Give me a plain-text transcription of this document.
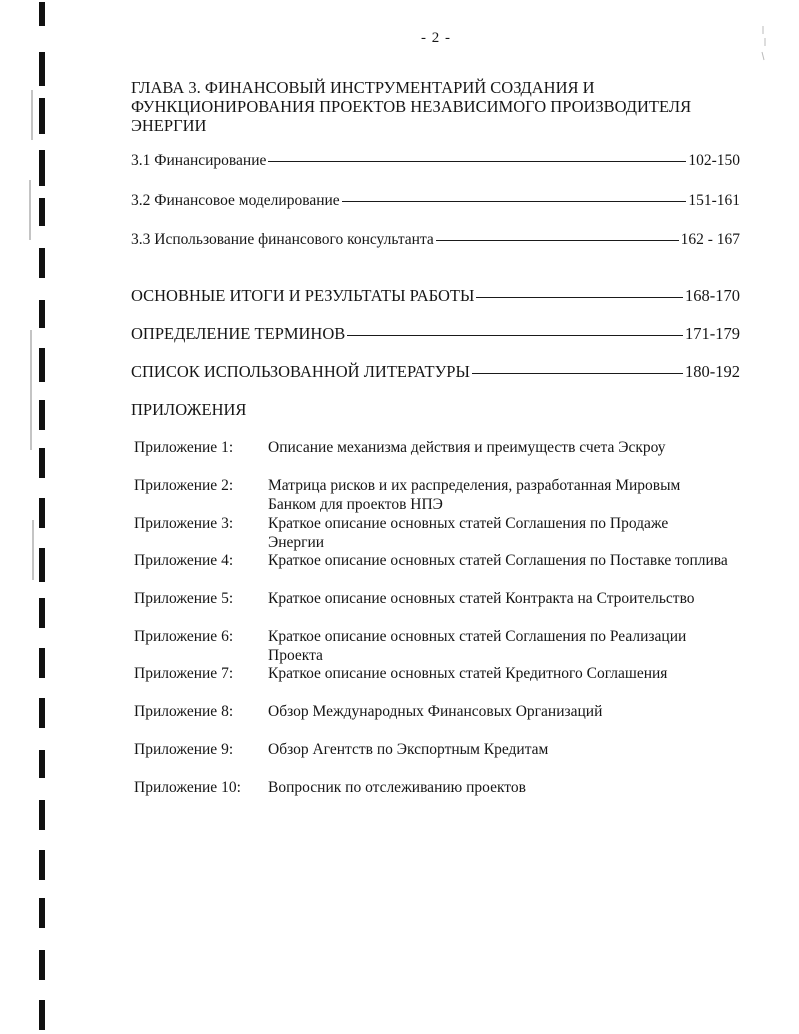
- 2 -
ГЛАВА 3. ФИНАНСОВЫЙ ИНСТРУМЕНТАРИЙ СОЗДАНИЯ И ФУНКЦИОНИРОВАНИЯ ПРОЕКТОВ НЕЗАВИСИМОГО ПРОИЗВОДИТЕЛЯ ЭНЕРГИИ
3.1 Финансирование	102-150
3.2 Финансовое моделирование	151-161
3.3 Использование финансового консультанта	162 - 167
ОСНОВНЫЕ ИТОГИ И РЕЗУЛЬТАТЫ РАБОТЫ	168-170
ОПРЕДЕЛЕНИЕ ТЕРМИНОВ	171-179
СПИСОК ИСПОЛЬЗОВАННОЙ ЛИТЕРАТУРЫ	180-192
ПРИЛОЖЕНИЯ
Приложение 1: Описание механизма действия и преимуществ счета Эскроу
Приложение 2: Матрица рисков и их распределения, разработанная Мировым Банком для проектов НПЭ
Приложение 3: Краткое описание основных статей Соглашения по Продаже Энергии
Приложение 4: Краткое описание основных статей Соглашения по Поставке топлива
Приложение 5: Краткое описание основных статей Контракта на Строительство
Приложение 6: Краткое описание основных статей Соглашения по Реализации Проекта
Приложение 7: Краткое описание основных статей Кредитного Соглашения
Приложение 8: Обзор Международных Финансовых Организаций
Приложение 9: Обзор Агентств по Экспортным Кредитам
Приложение 10: Вопросник по отслеживанию проектов
